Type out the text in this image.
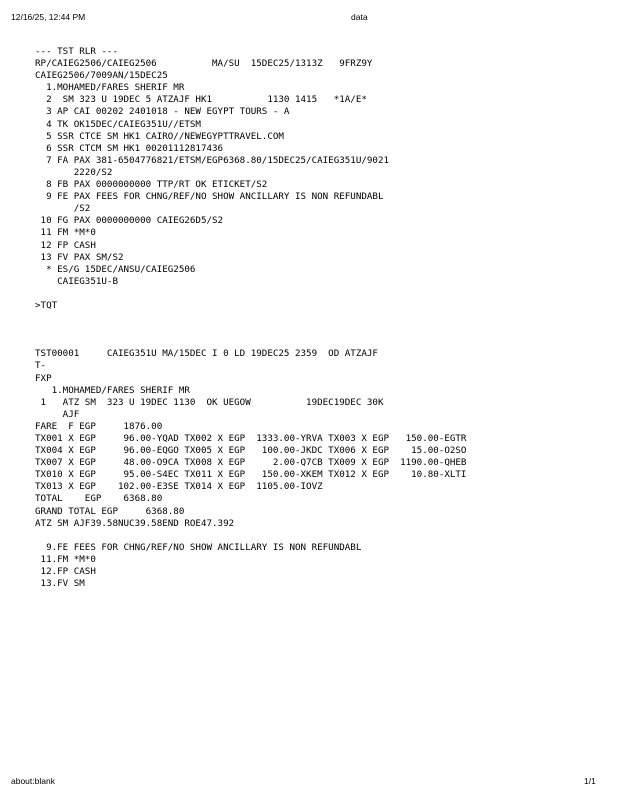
12/16/25, 12:44 PM	data
--- TST RLR ---
RP/CAIEG2506/CAIEG2506          MA/SU  15DEC25/1313Z   9FRZ9Y
CAIEG2506/7009AN/15DEC25
1.MOHAMED/FARES SHERIF MR
2  SM 323 U 19DEC 5 ATZAJF HK1          1130 1415   *1A/E*
3 AP CAI 00202 2401018 - NEW EGYPT TOURS - A
4 TK OK15DEC/CAIEG351U//ETSM
5 SSR CTCE SM HK1 CAIRO//NEWEGYPTTRAVEL.COM
6 SSR CTCM SM HK1 00201112817436
7 FA PAX 381-6504776821/ETSM/EGP6368.80/15DEC25/CAIEG351U/9021
2220/S2
8 FB PAX 0000000000 TTP/RT OK ETICKET/S2
9 FE PAX FEES FOR CHNG/REF/NO SHOW ANCILLARY IS NON REFUNDABL
/S2
10 FG PAX 0000000000 CAIEG26D5/S2
11 FM *M*0
12 FP CASH
13 FV PAX SM/S2
* ES/G 15DEC/ANSU/CAIEG2506
CAIEG351U-B
>TQT
TST00001     CAIEG351U MA/15DEC I 0 LD 19DEC25 2359  OD ATZAJF
T-
FXP
1.MOHAMED/FARES SHERIF MR
1   ATZ SM  323 U 19DEC 1130  OK UEGOW          19DEC19DEC 30K
AJF
FARE  F EGP     1876.00
TX001 X EGP     96.00-YQAD TX002 X EGP  1333.00-YRVA TX003 X EGP   150.00-EGTR
TX004 X EGP     96.00-EQGO TX005 X EGP   100.00-JKDC TX006 X EGP    15.00-O2SO
TX007 X EGP     48.00-O9CA TX008 X EGP     2.00-Q7CB TX009 X EGP  1190.00-QHEB
TX010 X EGP     95.00-S4EC TX011 X EGP   150.00-XKEM TX012 X EGP    10.80-XLTI
TX013 X EGP    102.00-E3SE TX014 X EGP  1105.00-IOVZ
TOTAL    EGP    6368.80
GRAND TOTAL EGP     6368.80
ATZ SM AJF39.58NUC39.58END ROE47.392
9.FE FEES FOR CHNG/REF/NO SHOW ANCILLARY IS NON REFUNDABL
11.FM *M*0
12.FP CASH
13.FV SM
about:blank	1/1
